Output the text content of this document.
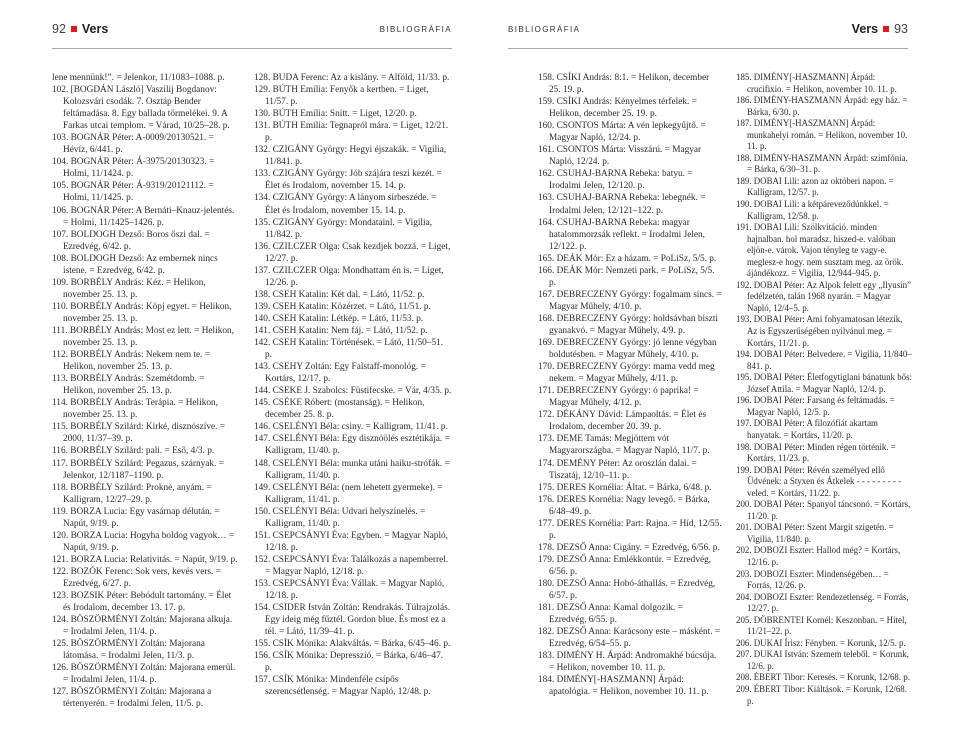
92 Vers	BIBLIOGRÁFIA

lene mennünk!”. = Jelenkor, 11/1083–1088. p.

102. [BOGDÁN László] Vaszilij Bogdanov: Kolozsvári csodák. 7. Osztáp Bender feltámadása. 8. Egy ballada törmelékei. 9. A Farkas utcai templom. = Várad, 10/25–28. p.

103. BOGNÁR Péter: A-0009/20130521. = Hévíz, 6/441. p.

104. BOGNÁR Péter: Á-3975/20130323. = Holmi, 11/1424. p.

105. BOGNÁR Péter: Á-9319/20121112. = Holmi, 11/1425. p.

106. BOGNÁR Péter: A Bernáti–Knauz-jelentés. = Holmi, 11/1425–1426. p.

107. BOLDOGH Dezső: Boros őszi dal. = Ezredvég, 6/42. p.

108. BOLDOGH Dezső: Az embernek nincs istene. = Ezredvég, 6/42. p.

109. BORBÉLY András: Kéz. = Helikon, november 25. 13. p.

110. BORBÉLY András: Köpj egyet. = Helikon, november 25. 13. p.

111. BORBÉLY András: Most ez lett. = Helikon, november 25. 13. p.

112. BORBÉLY András: Nekem nem te. = Helikon, november 25. 13. p.

113. BORBÉLY András: Szemétdomb. = Helikon, november 25. 13. p.

114. BORBÉLY András: Terápia. = Helikon, november 25. 13. p.

115. BORBÉLY Szilárd: Kirké, disznószíve. = 2000, 11/37–39. p.

116. BORBÉLY Szilárd: pali. = Eső, 4/3. p.

117. BORBÉLY Szilárd: Pegazus, szárnyak. = Jelenkor, 12/1187–1190. p.

118. BORBÉLY Szilárd: Proknè, anyám. = Kalligram, 12/27–29. p.

119. BORZA Lucia: Egy vasárnap délután. = Napút, 9/19. p.

120. BORZA Lucia: Hogyha boldog vagyok… = Napút, 9/19. p.

121. BORZA Lucia: Relativitás. = Napút, 9/19. p.

122. BOZÓK Ferenc: Sok vers, kevés vers. = Ezredvég, 6/27. p.

123. BOZSIK Péter: Bebódult tartomány. = Élet és Irodalom, december 13. 17. p.

124. BÖSZÖRMÉNYI Zoltán: Majorana alkuja. = Irodalmi Jelen, 11/4. p.

125. BÖSZÖRMÉNYI Zoltán: Majorana látomása. = Irodalmi Jelen, 11/3. p.

126. BÖSZÖRMÉNYI Zoltán: Majorana emerül. = Irodalmi Jelen, 11/4. p.

127. BÖSZÖRMÉNYI Zoltán: Majorana a tértenyerén. = Irodalmi Jelen, 11/5. p.

128. BUDA Ferenc: Az a kislány. = Alföld, 11/33. p.

129. BÚTH Emília: Fenyők a kertben. = Liget, 11/57. p.

130. BÚTH Emília: Snitt. = Liget, 12/20. p.

131. BÚTH Emília: Tegnapról mára. = Liget, 12/21. p.

132. CZIGÁNY György: Hegyi éjszakák. = Vigilia, 11/841. p.

133. CZIGÁNY György: Jób szájára teszi kezét. = Élet és Irodalom, november 15. 14. p.

134. CZIGÁNY György: A lányom sírbeszéde. = Élet és Irodalom, november 15. 14. p.

135. CZIGÁNY György: Mondatainl. = Vigilia, 11/842. p.

136. CZILCZER Olga: Csak kezdjek bozzá. = Liget, 12/27. p.

137. CZILCZER Olga: Mondhattam én is. = Liget, 12/26. p.

138. CSEH Katalin: Két dal. = Látó, 11/52. p.

139. CSEH Katalin: Közérzet. = Látó, 11/51. p.

140. CSEH Katalin: Létkép. = Látó, 11/53. p.

141. CSEH Katalin: Nem fáj. = Látó, 11/52. p.

142. CSEH Katalin: Történések. = Látó, 11/50–51. p.

143. CSEHY Zoltán: Egy Falstaff-monológ. = Kortárs, 12/17. p.

144. CSEKE J. Szabolcs: Füstifecske. = Vár, 4/35. p.

145. CSÉKE Róbert: (mostanság). = Helikon, december 25. 8. p.

146. CSELÉNYI Béla: csiny. = Kalligram, 11/41. p.

147. CSELÉNYI Béla: Egy disznóölés esztétikája. = Kalligram, 11/40. p.

148. CSELÉNYI Béla: munka utáni haiku-strófák. = Kalligram, 11/40. p.

149. CSELÉNYI Béla: (nem lehetett gyermeke). = Kalligram, 11/41. p.

150. CSELÉNYI Béla: Udvari helyszínelés. = Kalligram, 11/40. p.

151. CSEPCSÁNYI Éva: Egyben. = Magyar Napló, 12/18. p.

152. CSEPCSÁNYI Éva: Találkozás a napemberrel. = Magyar Napló, 12/18. p.

153. CSEPCSÁNYI Éva: Vállak. = Magyar Napló, 12/18. p.

154. CSIDER István Zoltán: Rendrakás. Túlrajzolás. Egy ideig még fűztél. Gordon blue. És most ez a tél. = Látó, 11/39–41. p.

155. CSÍK Mónika: Alakváltás. = Bárka, 6/45–46. p.

156. CSÍK Mónika: Depresszió. = Bárka, 6/46–47. p.

157. CSÍK Mónika: Mindenféle csípős szerencsétlenség. = Magyar Napló, 12/48. p.

BIBLIOGRÁFIA	Vers 93

158. CSÍKI András: 8:1. = Helikon, december 25. 19. p.

159. CSÍKI András: Kényelmes térfelek. = Helikon, december 25. 19. p.

160. CSONTOS Márta: A vén lepkegyűjtő. = Magyar Napló, 12/24. p.

161. CSONTOS Márta: Visszárú. = Magyar Napló, 12/24. p.

162. CSUHAJ-BARNA Rebeka: batyu. = Irodalmi Jelen, 12/120. p.

163. CSUHAJ-BARNA Rebeka: lebegnék. = Irodalmi Jelen, 12/121–122. p.

164. CSUHAJ-BARNA Rebeka: magyar hatalommorzsák reflekt. = Irodalmi Jelen, 12/122. p.

165. DEÁK Mór: Ez a házam. = PoLíSz, 5/5. p.

166. DEÁK Mór: Nemzeti park. = PoLíSz, 5/5. p.

167. DEBRECZENY György: fogalmam sincs. = Magyar Műhely, 4/10. p.

168. DEBRECZENY György: holdsávban biszti gyanakvó. = Magyar Műhely, 4/9. p.

169. DEBRECZENY György: jó lenne végyban boldutésben. = Magyar Műhely, 4/10. p.

170. DEBRECZENY György: mama vedd meg nekem. = Magyar Műhely, 4/11. p.

171. DEBRECZENY György: ó paprika! = Magyar Műhely, 4/12. p.

172. DÉKÁNY Dávid: Lámpaoltás. = Élet és Irodalom, december 20. 39. p.

173. DEME Tamás: Megjöttem vót Magyarországba. = Magyar Napló, 11/7. p.

174. DEMÉNY Péter: Az oroszlán dalai. = Tiszatáj, 12/10–11. p.

175. DERES Kornélia: Áltat. = Bárka, 6/48. p.

176. DERES Kornélia: Nagy levegő. = Bárka, 6/48–49. p.

177. DERES Kornélia: Part: Rajna. = Híd, 12/55. p.

178. DEZSŐ Anna: Cigány. = Ezredvég, 6/56. p.

179. DEZSŐ Anna: Emlékkontúr. = Ezredvég, 6/56. p.

180. DEZSŐ Anna: Hobó-áthallás. = Ezredvég, 6/57. p.

181. DEZSŐ Anna: Kamal dolgozik. = Ezredvég, 6/55. p.

182. DEZSŐ Anna: Karácsony este – másként. = Ezredvég, 6/54–55. p.

183. DIMÉNY H. Árpád: Andromakhé búcsúja. = Helikon, november 10. 11. p.

184. DIMÉNY[-HASZMANN] Árpád: apatológia. = Helikon, november 10. 11. p.

185. DIMÉNY[-HASZMANN] Árpád: crucifixio. = Helikon, november 10. 11. p.

186. DIMÉNY-HASZMANN Árpád: egy ház. = Bárka, 6/30. p.

187. DIMÉNY[-HASZMANN] Árpád: munkahelyi román. = Helikon, november 10. 11. p.

188. DIMÉNY-HASZMANN Árpád: szimfónia. = Bárka, 6/30–31. p.

189. DOBAI Lili: azon az októberi napon. = Kalligram, 12/57. p.

190. DOBAI Lili: a kétpáreveződúnkkel. = Kalligram, 12/58. p.

191. DOBAI Lili: Szölkvitáció. minden hajnalban. hol maradsz. hiszed-e. valóban eljön-e. várok. Vajon tényleg te vagy-e. meglesz-e hogy. nem susztam meg. az örök. ájándékozz. = Vigilia, 12/944–945. p.

192. DOBAI Péter: Az Alpok felett egy „Ilyusin” fedélzetén, talán 1968 nyarán. = Magyar Napló, 12/4–5. p.

193. DOBAI Péter: Ami fohyamatosan létezik, Az is Egyszerűségében nyilvánul meg. = Kortárs, 11/21. p.

194. DOBAI Péter: Belvedere. = Vigilia, 11/840–841. p.

195. DOBAI Péter: Életfogytiglani bánatunk bős: József Attila. = Magyar Napló, 12/4. p.

196. DOBAI Péter: Farsang és feltámadás. = Magyar Napló, 12/5. p.

197. DOBAI Péter: A filozófiát akartam hanyatak. = Kortárs, 11/20. p.

198. DOBAI Péter: Minden régen történik. = Kortárs, 11/23. p.

199. DOBAI Péter: Révén személyed ellő Üdvének: a Styxen és Átkelek - - - - - - - - - veled. = Kortárs, 11/22. p.

200. DOBAI Péter: Spanyol táncsonó. = Kortárs, 11/20. p.

201. DOBAI Péter: Szent Margit szigetén. = Vigilia, 11/840. p.

202. DOBOZI Eszter: Hallod még? = Kortárs, 12/16. p.

203. DOBOZI Eszter: Mindenségében… = Forrás, 12/26. p.

204. DOBOZI Eszter: Rendezetlenség. = Forrás, 12/27. p.

205. DÖBRENTEI Kornél: Keszonban. = Hitel, 11/21–22. p.

206. DUKAI Írisz: Fényben. = Korunk, 12/5. p.

207. DUKAI István: Szemem teleből. = Korunk, 12/6. p.

208. ÉBERT Tibor: Keresés. = Korunk, 12/68. p.

209. ÉBERT Tibor: Kiáltások. = Korunk, 12/68. p.
